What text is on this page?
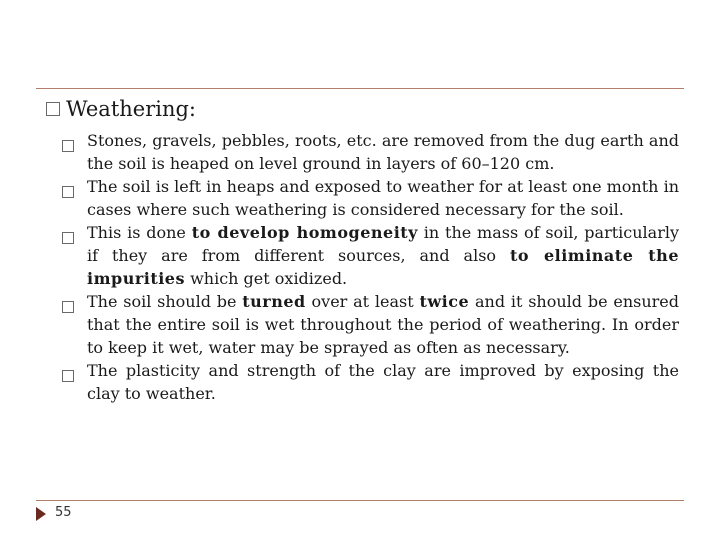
Weathering:
Stones, gravels, pebbles, roots, etc. are removed from the dug earth and the soil is heaped on level ground in layers of 60–120 cm.
The soil is left in heaps and exposed to weather for at least one month in cases where such weathering is considered necessary for the soil.
This is done to develop homogeneity in the mass of soil, particularly if they are from different sources, and also to eliminate the impurities which get oxidized.
The soil should be turned over at least twice and it should be ensured that the entire soil is wet throughout the period of weathering. In order to keep it wet, water may be sprayed as often as necessary.
The plasticity and strength of the clay are improved by exposing the clay to weather.
55
